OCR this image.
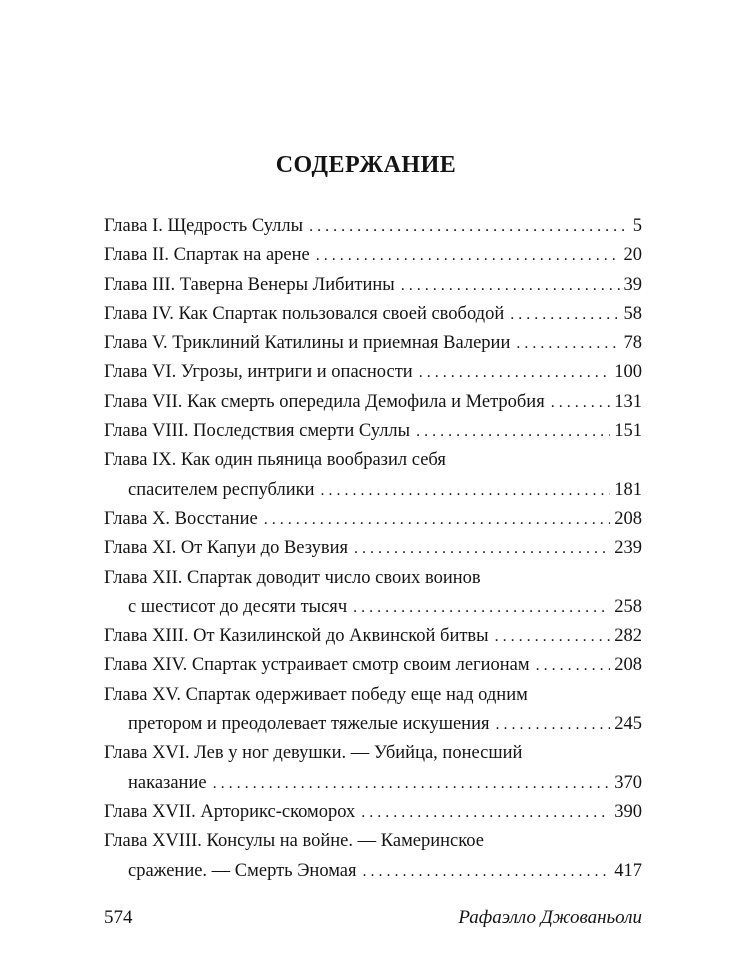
СОДЕРЖАНИЕ
Глава I. Щедрость Суллы . . .	5
Глава II. Спартак на арене . . .	20
Глава III. Таверна Венеры Либитины . . .	39
Глава IV. Как Спартак пользовался своей свободой . . .	58
Глава V. Триклиний Катилины и приемная Валерии . . .	78
Глава VI. Угрозы, интриги и опасности . . .	100
Глава VII. Как смерть опередила Демофила и Метробия . . .	131
Глава VIII. Последствия смерти Суллы . . .	151
Глава IX. Как один пьяница вообразил себя
спасителем республики . . .	181
Глава X. Восстание . . .	208
Глава XI. От Капуи до Везувия . . .	239
Глава XII. Спартак доводит число своих воинов
с шестисот до десяти тысяч . . .	258
Глава XIII. От Казилинской до Аквинской битвы . . .	282
Глава XIV. Спартак устраивает смотр своим легионам . . .	208
Глава XV. Спартак одерживает победу еще над одним
претором и преодолевает тяжелые искушения . . .	245
Глава XVI. Лев у ног девушки. — Убийца, понесший
наказание . . .	370
Глава XVII. Арторикс-скоморох . . .	390
Глава XVIII. Консулы на войне. — Камеринское
сражение. — Смерть Эномая . . .	417
574	Рафаэлло Джованьоли
